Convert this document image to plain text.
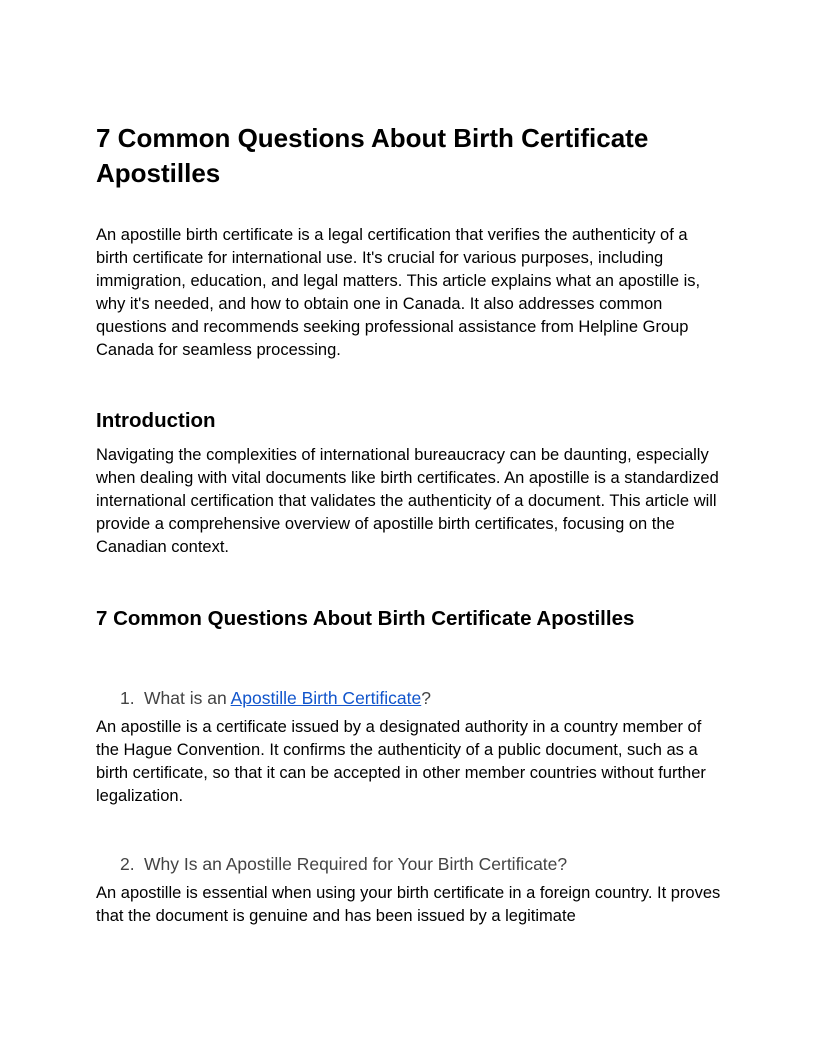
7 Common Questions About Birth Certificate Apostilles

An apostille birth certificate is a legal certification that verifies the authenticity of a birth certificate for international use. It's crucial for various purposes, including immigration, education, and legal matters. This article explains what an apostille is, why it's needed, and how to obtain one in Canada. It also addresses common questions and recommends seeking professional assistance from Helpline Group Canada for seamless processing.

Introduction

Navigating the complexities of international bureaucracy can be daunting, especially when dealing with vital documents like birth certificates. An apostille is a standardized international certification that validates the authenticity of a document. This article will provide a comprehensive overview of apostille birth certificates, focusing on the Canadian context.

7 Common Questions About Birth Certificate Apostilles
1. What is an Apostille Birth Certificate?

An apostille is a certificate issued by a designated authority in a country member of the Hague Convention. It confirms the authenticity of a public document, such as a birth certificate, so that it can be accepted in other member countries without further legalization.

2. Why Is an Apostille Required for Your Birth Certificate?

An apostille is essential when using your birth certificate in a foreign country. It proves that the document is genuine and has been issued by a legitimate
